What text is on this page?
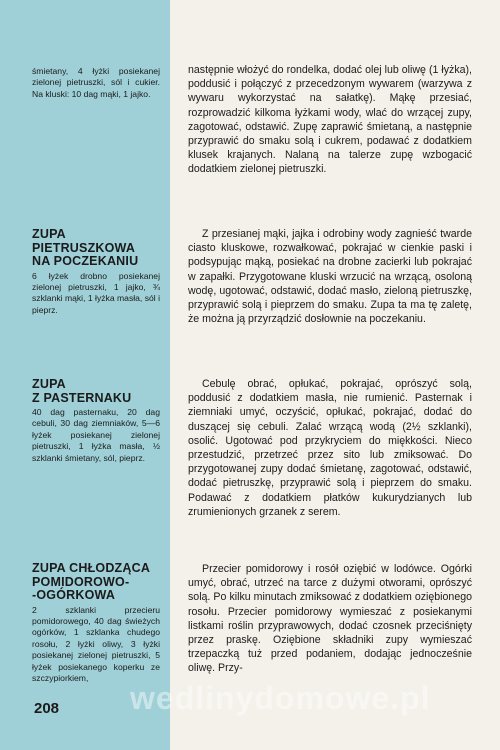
śmietany, 4 łyżki posiekanej zielonej pietruszki, sól i cukier. Na kluski: 10 dag mąki, 1 jajko.
ZUPA
PIETRUSZKOWA
NA POCZEKANIU
6 łyżek drobno posiekanej zielonej pietruszki, 1 jajko, ¾ szklanki mąki, 1 łyżka masła, sól i pieprz.
ZUPA
Z PASTERNAKU
40 dag pasternaku, 20 dag cebuli, 30 dag ziemniaków, 5—6 łyżek posiekanej zielonej pietruszki, 1 łyżka masła, ½ szklanki śmietany, sól, pieprz.
ZUPA CHŁODZĄCA
POMIDOROWO-
-OGÓRKOWA
2 szklanki przecieru pomidorowego, 40 dag świeżych ogórków, 1 szklanka chudego rosołu, 2 łyżki oliwy, 3 łyżki posiekanej zielonej pietruszki, 5 łyżek posiekanego koperku ze szczypiorkiem,

następnie włożyć do rondelka, dodać olej lub oliwę (1 łyżka), poddusić i połączyć z przecedzonym wywarem (warzywa z wywaru wykorzystać na sałatkę). Mąkę przesiać, rozprowadzić kilkoma łyżkami wody, wlać do wrzącej zupy, zagotować, odstawić. Zupę zaprawić śmietaną, a następnie przyprawić do smaku solą i cukrem, podawać z dodatkiem klusek krajanych. Nalaną na talerze zupę wzbogacić dodatkiem zielonej pietruszki.

Z przesianej mąki, jajka i odrobiny wody zagnieść twarde ciasto kluskowe, rozwałkować, pokrajać w cienkie paski i podsypując mąką, posiekać na drobne zacierki lub pokrajać w zapałki. Przygotowane kluski wrzucić na wrzącą, osoloną wodę, ugotować, odstawić, dodać masło, zieloną pietruszkę, przyprawić solą i pieprzem do smaku. Zupa ta ma tę zaletę, że można ją przyrządzić dosłownie na poczekaniu.

Cebulę obrać, opłukać, pokrajać, oprószyć solą, poddusić z dodatkiem masła, nie rumienić. Pasternak i ziemniaki umyć, oczyścić, opłukać, pokrajać, dodać do duszącej się cebuli. Zalać wrzącą wodą (2½ szklanki), osolić. Ugotować pod przykryciem do miękkości. Nieco przestudzić, przetrzeć przez sito lub zmiksować. Do przygotowanej zupy dodać śmietanę, zagotować, odstawić, dodać pietruszkę, przyprawić solą i pieprzem do smaku. Podawać z dodatkiem płatków kukurydzianych lub zrumienionych grzanek z serem.

Przecier pomidorowy i rosół oziębić w lodówce. Ogórki umyć, obrać, utrzeć na tarce z dużymi otworami, oprószyć solą. Po kilku minutach zmiksować z dodatkiem oziębionego rosołu. Przecier pomidorowy wymieszać z posiekanymi listkami roślin przyprawowych, dodać czosnek przeciśnięty przez praskę. Oziębione składniki zupy wymieszać trzepaczką tuż przed podaniem, dodając jednocześnie oliwę. Przy-

wedlinydomowe.pl
208
